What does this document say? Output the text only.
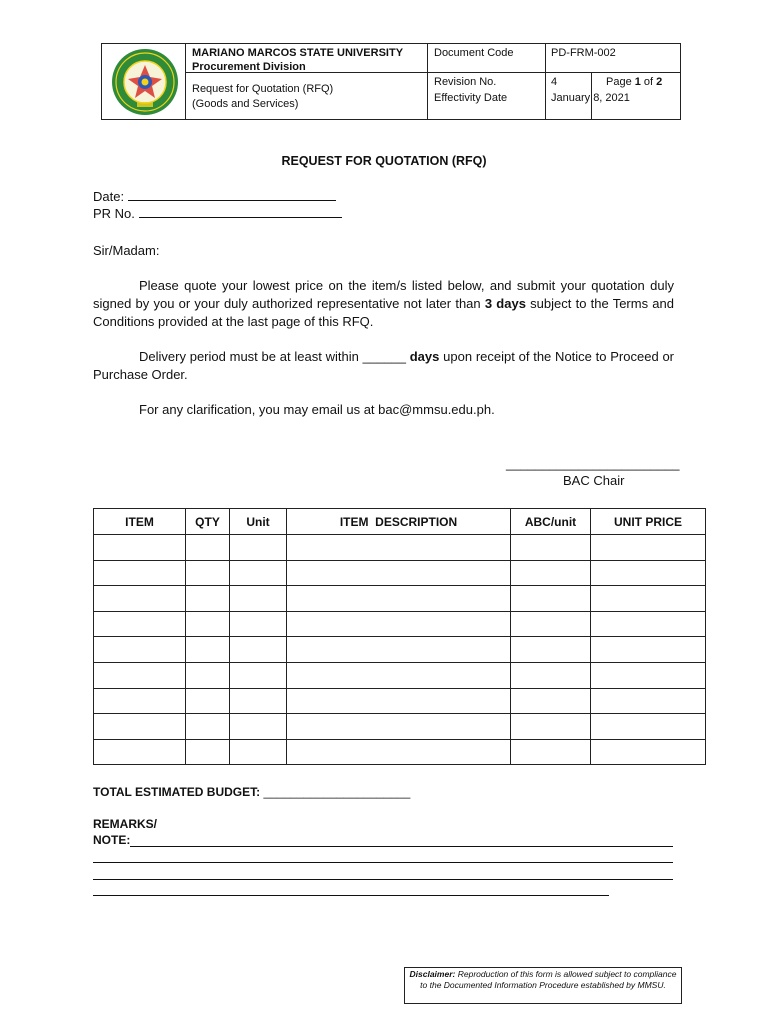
MARIANO MARCOS STATE UNIVERSITY
Procurement Division
Request for Quotation (RFQ)
(Goods and Services)
Document Code	PD-FRM-002
Revision No.	4	Page 1 of 2
Effectivity Date	January 8, 2021
REQUEST FOR QUOTATION (RFQ)
Date:
PR No.
Sir/Madam:
Please quote your lowest price on the item/s listed below, and submit your quotation duly signed by you or your duly authorized representative not later than 3 days subject to the Terms and Conditions provided at the last page of this RFQ.
Delivery period must be at least within ______ days upon receipt of the Notice to Proceed or Purchase Order.
For any clarification, you may email us at bac@mmsu.edu.ph.
________________________
BAC Chair
ITEM	QTY	Unit	ITEM  DESCRIPTION	ABC/unit	UNIT PRICE

TOTAL ESTIMATED BUDGET: ______________________
REMARKS/
NOTE:
Disclaimer: Reproduction of this form is allowed subject to compliance to the Documented Information Procedure established by MMSU.
